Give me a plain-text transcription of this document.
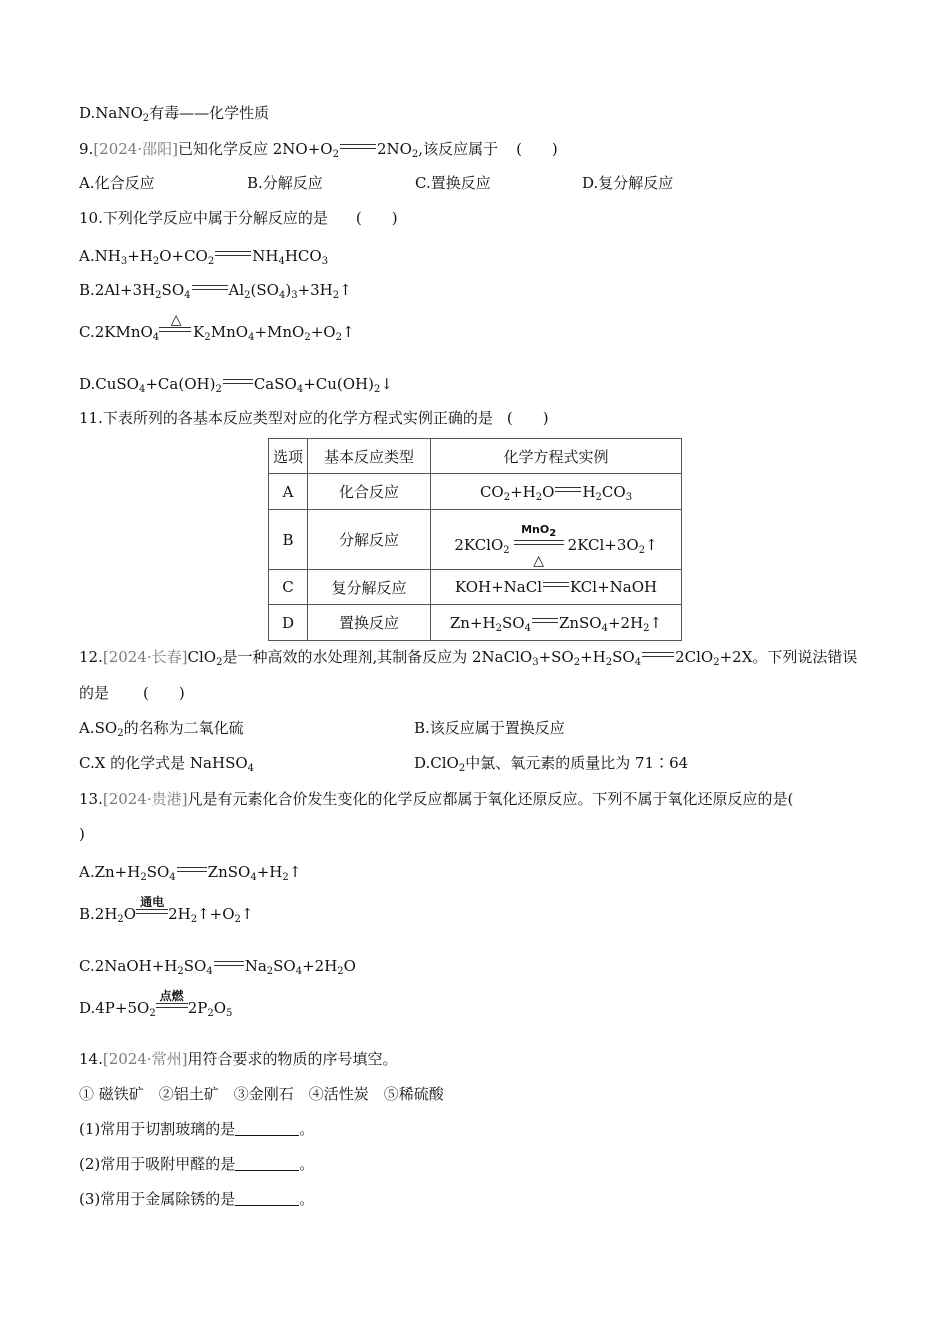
D.NaNO$_2$有毒——化学性质
9.[2024·邵阳]已知化学反应 $2NO+O_2$	$2NO_2$,该反应属于 (　　)
A.化合反应	B.分解反应	C.置换反应	D.复分解反应
10.下列化学反应中属于分解反应的是 (　　)
$A.NH_3+H_2O+CO_2$	$NH_4HCO_3$
$B.2Al+3H_2SO_4$	$Al_2(SO_4)_3+3H_2↑$
C.2KMnO$_4$
△
$K_2MnO_4+MnO_2+O_2↑$
$D.CuSO_4+Ca(OH)_2$ $CaSO_4+Cu(OH)_2↓$
11.下表所列的各基本反应类型对应的化学方程式实例正确的是 (　　)
选项	基本反应类型	化学方程式实例
A	化合反应	$CO_2+H_2O$ $H_2CO_3$
B	分解反应	2KClO$_2$
MnO$_2$
△
$2KCl+3O_2↑$
C	复分解反应	KOH+NaCl KCl+NaOH
D	置换反应	$Zn+H_2SO_4$ $ZnSO_4+2H_2↑$
12.[2024·长春]ClO$_2$是一种高效的水处理剂,其制备反应为 $2NaClO_3+SO_2+H_2SO_4$ 2ClO$_2$+2X。下列说法错误
的是 (　　)
$A.SO_2$的名称为二氧化硫	B.该反应属于置换反应
C.X 的化学式是 NaHSO$_4$	D.ClO$_2$中氯、氧元素的质量比为 71∶64
13.[2024·贵港]凡是有元素化合价发生变化的化学反应都属于氧化还原反应。下列不属于氧化还原反应的是(
)
$A.Zn+H_2SO_4$ $ZnSO_4+H_2↑$
$B.2H_2O$
通电
$2H_2↑+O_2↑$
$C.2NaOH+H_2SO_4$ $Na_2SO_4+2H_2O$
$D.4P+5O_2$
点燃
$2P_2O_5$
14.[2024·常州]用符合要求的物质的序号填空。
① 磁铁矿　②铝土矿　③金刚石　④活性炭　⑤稀硫酸
(1)常用于切割玻璃的是	。
(2)常用于吸附甲醛的是	。
(3)常用于金属除锈的是	。
